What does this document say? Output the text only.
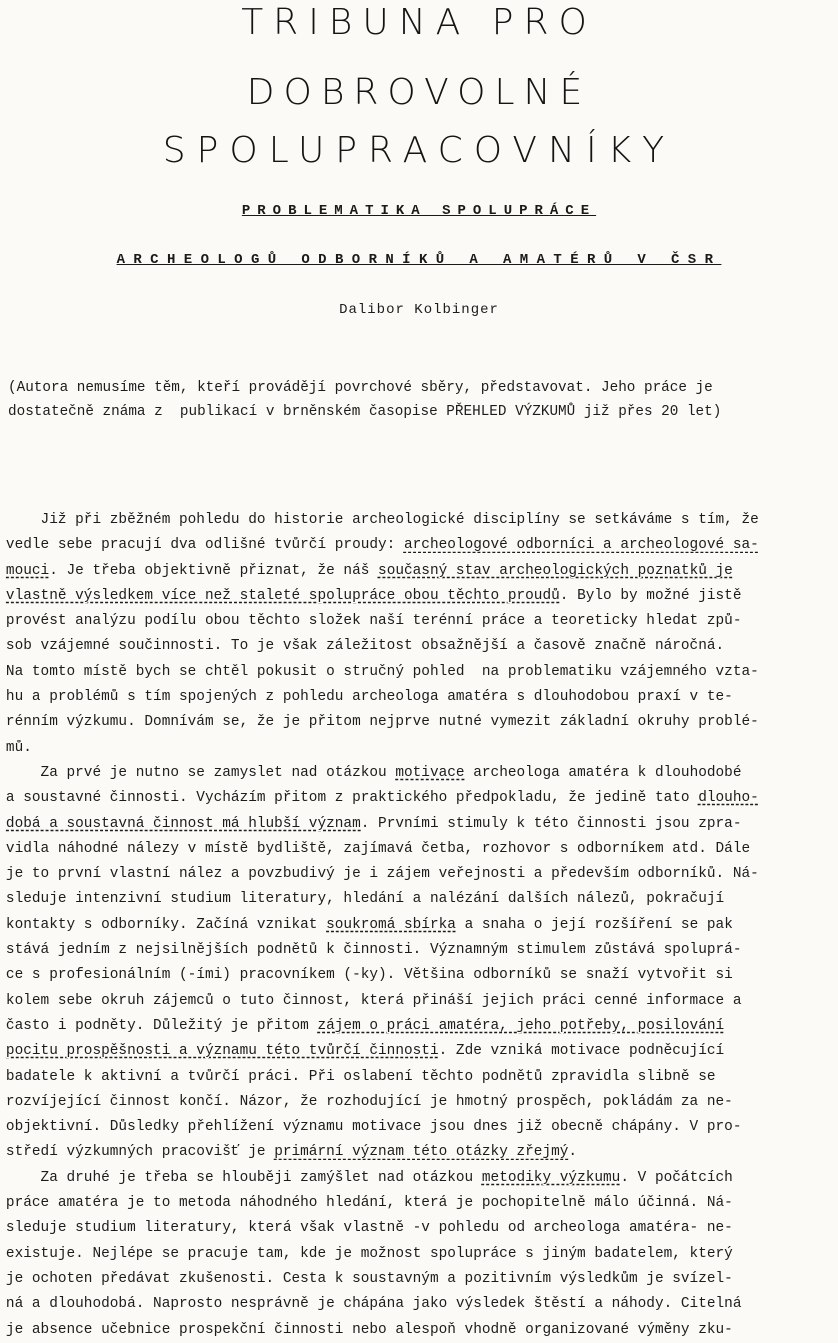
TRIBUNA PRO
DOBROVOLNÉ
SPOLUPRACOVNÍKY
PROBLEMATIKA SPOLUPRÁCE
ARCHEOLOGŮ ODBORNÍKŮ A AMATÉRŮ V ČSR
Dalibor Kolbinger
(Autora nemusíme těm, kteří provádějí povrchové sběry, představovat. Jeho práce je
dostatečně známa z  publikací v brněnském časopise PŘEHLED VÝZKUMŮ již přes 20 let)
Již při zběžném pohledu do historie archeologické disciplíny se setkáváme s tím, že
vedle sebe pracují dva odlišné tvůrčí proudy: archeologové odborníci a archeologové sa-
mouci. Je třeba objektivně přiznat, že náš současný stav archeologických poznatků je
vlastně výsledkem více než staleté spolupráce obou těchto proudů. Bylo by možné jistě
provést analýzu podílu obou těchto složek naší terénní práce a teoreticky hledat způ-
sob vzájemné součinnosti. To je však záležitost obsažnější a časově značně náročná.
Na tomto místě bych se chtěl pokusit o stručný pohled  na problematiku vzájemného vzta-
hu a problémů s tím spojených z pohledu archeologa amatéra s dlouhodobou praxí v te-
rénním výzkumu. Domnívám se, že je přitom nejprve nutné vymezit základní okruhy problé-
mů.
Za prvé je nutno se zamyslet nad otázkou motivace archeologa amatéra k dlouhodobé
a soustavné činnosti. Vycházím přitom z praktického předpokladu, že jedině tato dlouho-
dobá a soustavná činnost má hlubší význam. Prvními stimuly k této činnosti jsou zpra-
vidla náhodné nálezy v místě bydliště, zajímavá četba, rozhovor s odborníkem atd. Dále
je to první vlastní nález a povzbudivý je i zájem veřejnosti a především odborníků. Ná-
sleduje intenzivní studium literatury, hledání a nalézání dalších nálezů, pokračují
kontakty s odborníky. Začíná vznikat soukromá sbírka a snaha o její rozšíření se pak
stává jedním z nejsilnějších podnětů k činnosti. Významným stimulem zůstává spoluprá-
ce s profesionálním (-ími) pracovníkem (-ky). Většina odborníků se snaží vytvořit si
kolem sebe okruh zájemců o tuto činnost, která přináší jejich práci cenné informace a
často i podněty. Důležitý je přitom zájem o práci amatéra, jeho potřeby, posilování
pocitu prospěšnosti a významu této tvůrčí činnosti. Zde vzniká motivace podněcující
badatele k aktivní a tvůrčí práci. Při oslabení těchto podnětů zpravidla slibně se
rozvíjející činnost končí. Názor, že rozhodující je hmotný prospěch, pokládám za ne-
objektivní. Důsledky přehlížení významu motivace jsou dnes již obecně chápány. V pro-
středí výzkumných pracovišť je primární význam této otázky zřejmý.
Za druhé je třeba se hlouběji zamýšlet nad otázkou metodiky výzkumu. V počátcích
práce amatéra je to metoda náhodného hledání, která je pochopitelně málo účinná. Ná-
sleduje studium literatury, která však vlastně -v pohledu od archeologa amatéra- ne-
existuje. Nejlépe se pracuje tam, kde je možnost spolupráce s jiným badatelem, který
je ochoten předávat zkušenosti. Cesta k soustavným a pozitivním výsledkům je svízel-
ná a dlouhodobá. Naprosto nesprávně je chápána jako výsledek štěstí a náhody. Citelná
je absence učebnice prospekční činnosti nebo alespoň vhodně organizované výměny zku-
